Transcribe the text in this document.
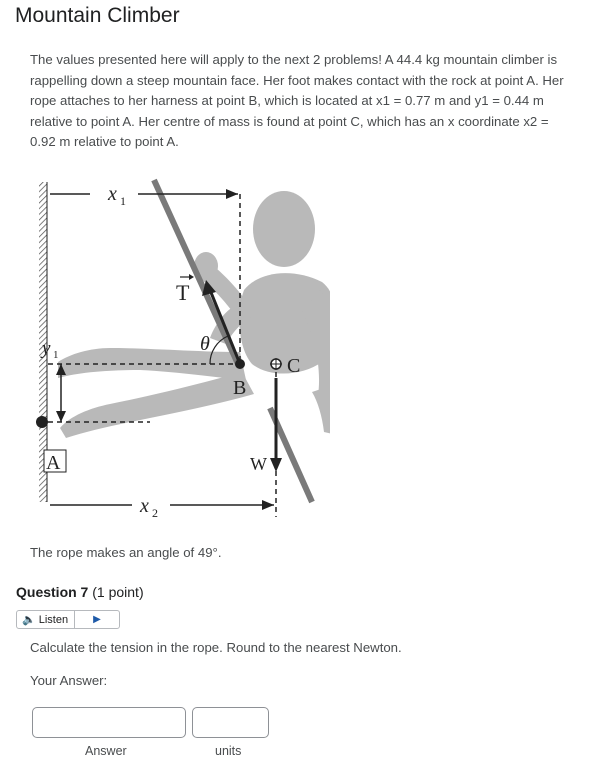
Mountain Climber

The values presented here will apply to the next 2 problems! A 44.4 kg mountain climber is rappelling down a steep mountain face. Her foot makes contact with the rock at point A. Her rope attaches to her harness at point B, which is located at x1 = 0.77 m and y1 = 0.44 m relative to point A. Her centre of mass is found at point C, which has an x coordinate x2 = 0.92 m relative to point A.

x 1
x 2
y 1
T
θ
B
C
W
A

The rope makes an angle of 49°.

Question 7 (1 point)
🔈 Listen	▶

Calculate the tension in the rope. Round to the nearest Newton.

Your Answer:

Answer	units
